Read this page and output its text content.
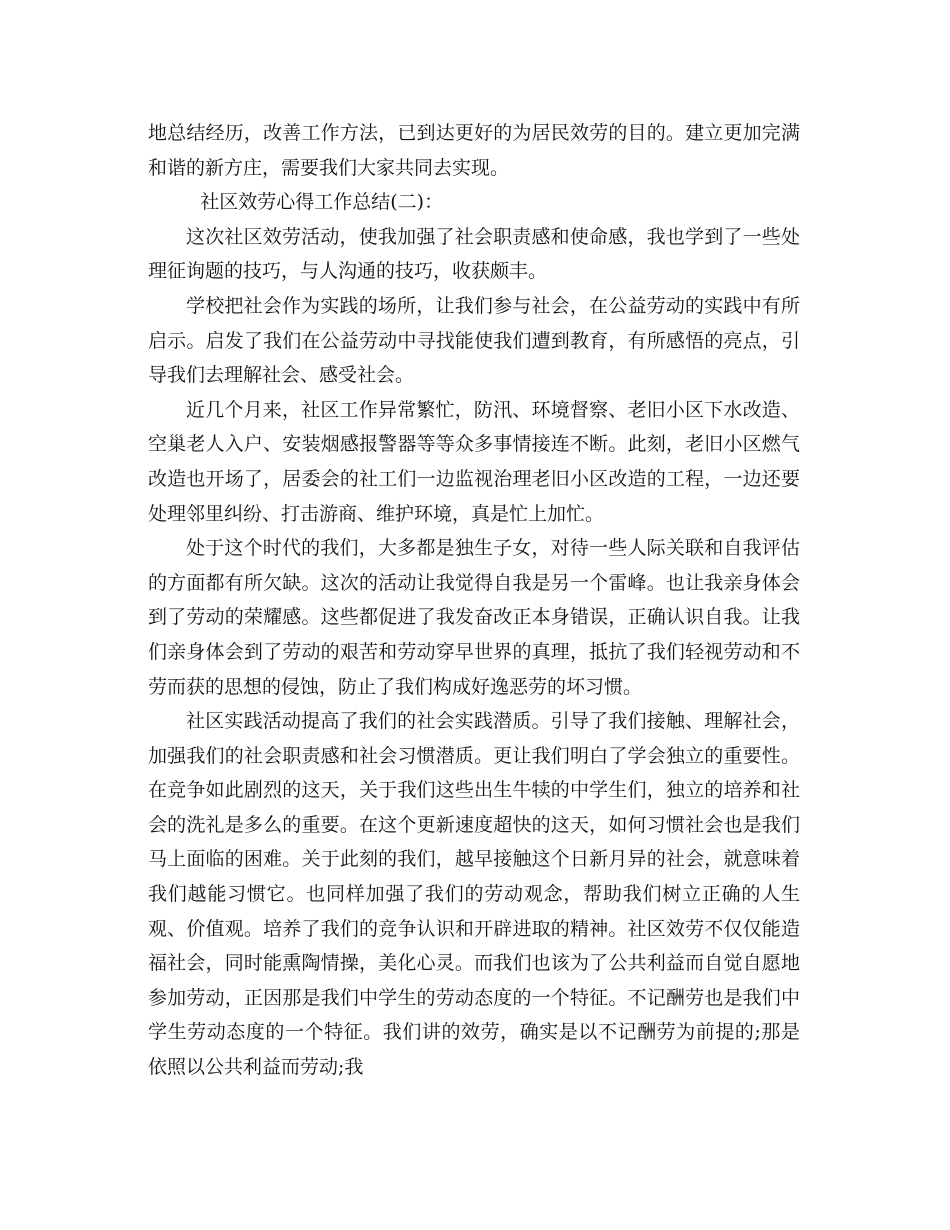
地总结经历，改善工作方法，已到达更好的为居民效劳的目的。建立更加完满和谐的新方庄，需要我们大家共同去实现。

社区效劳心得工作总结(二)：

这次社区效劳活动，使我加强了社会职责感和使命感，我也学到了一些处理征询题的技巧，与人沟通的技巧，收获颇丰。

学校把社会作为实践的场所，让我们参与社会，在公益劳动的实践中有所启示。启发了我们在公益劳动中寻找能使我们遭到教育，有所感悟的亮点，引导我们去理解社会、感受社会。

近几个月来，社区工作异常繁忙，防汛、环境督察、老旧小区下水改造、空巢老人入户、安装烟感报警器等等众多事情接连不断。此刻，老旧小区燃气改造也开场了，居委会的社工们一边监视治理老旧小区改造的工程，一边还要处理邻里纠纷、打击游商、维护环境，真是忙上加忙。

处于这个时代的我们，大多都是独生子女，对待一些人际关联和自我评估的方面都有所欠缺。这次的活动让我觉得自我是另一个雷峰。也让我亲身体会到了劳动的荣耀感。这些都促进了我发奋改正本身错误，正确认识自我。让我们亲身体会到了劳动的艰苦和劳动穿早世界的真理，抵抗了我们轻视劳动和不劳而获的思想的侵蚀，防止了我们构成好逸恶劳的坏习惯。

社区实践活动提高了我们的社会实践潜质。引导了我们接触、理解社会，加强我们的社会职责感和社会习惯潜质。更让我们明白了学会独立的重要性。在竞争如此剧烈的这天，关于我们这些出生牛犊的中学生们，独立的培养和社会的洗礼是多么的重要。在这个更新速度超快的这天，如何习惯社会也是我们马上面临的困难。关于此刻的我们，越早接触这个日新月异的社会，就意味着我们越能习惯它。也同样加强了我们的劳动观念，帮助我们树立正确的人生观、价值观。培养了我们的竞争认识和开辟进取的精神。社区效劳不仅仅能造福社会，同时能熏陶情操，美化心灵。而我们也该为了公共利益而自觉自愿地参加劳动，正因那是我们中学生的劳动态度的一个特征。不记酬劳也是我们中学生劳动态度的一个特征。我们讲的效劳，确实是以不记酬劳为前提的;那是依照以公共利益而劳动;我
